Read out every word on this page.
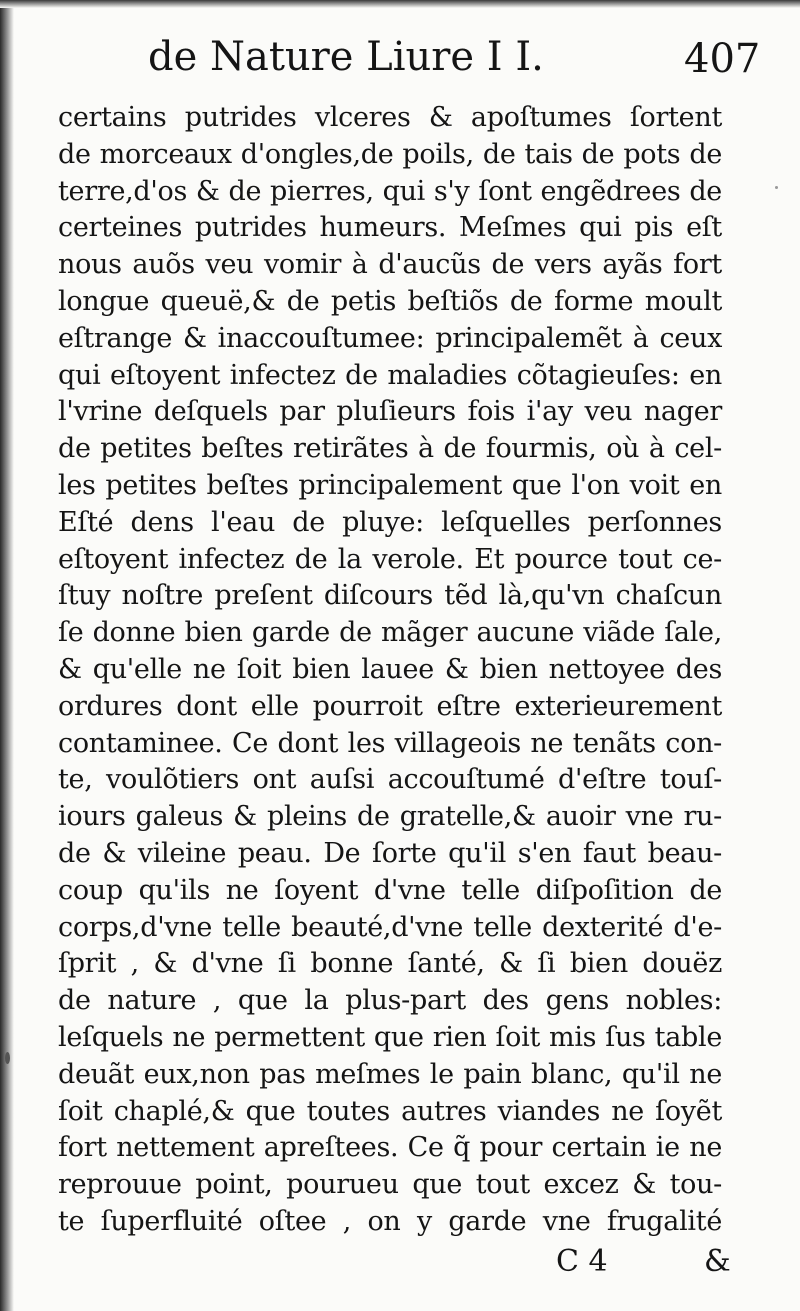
de Nature Liure I I.	407
certains putrides vlceres & apoſtumes ſortent
de morceaux d'ongles,de poils, de tais de pots de
terre,d'os & de pierres, qui s'y ſont engẽdrees de
certeines putrides humeurs. Meſmes qui pis eſt
nous auõs veu vomir à d'aucũs de vers ayãs fort
longue queuë,& de petis beſtiõs de forme moult
eſtrange & inaccouſtumee: principalemẽt à ceux
qui eſtoyent infectez de maladies cõtagieuſes: en
l'vrine deſquels par pluſieurs fois i'ay veu nager
de petites beſtes retirãtes à de fourmis, où à cel-
les petites beſtes principalement que l'on voit en
Eſté dens l'eau de pluye: leſquelles perſonnes
eſtoyent infectez de la verole. Et pource tout ce-
ſtuy noſtre preſent diſcours tẽd là,qu'vn chaſcun
ſe donne bien garde de mãger aucune viãde ſale,
& qu'elle ne ſoit bien lauee & bien nettoyee des
ordures dont elle pourroit eſtre exterieurement
contaminee. Ce dont les villageois ne tenãts con-
te, voulõtiers ont auſsi accouſtumé d'eſtre touſ-
iours galeus & pleins de gratelle,& auoir vne ru-
de & vileine peau. De ſorte qu'il s'en faut beau-
coup qu'ils ne ſoyent d'vne telle diſpoſition de
corps,d'vne telle beauté,d'vne telle dexterité d'e-
ſprit , & d'vne ſi bonne ſanté, & ſi bien douëz
de nature , que la plus-part des gens nobles:
leſquels ne permettent que rien ſoit mis ſus table
deuãt eux,non pas meſmes le pain blanc, qu'il ne
ſoit chaplé,& que toutes autres viandes ne ſoyẽt
fort nettement apreſtees. Ce q̃ pour certain ie ne
reprouue point, pourueu que tout excez & tou-
te ſuperfluité oſtee , on y garde vne frugalité
C 4	&
